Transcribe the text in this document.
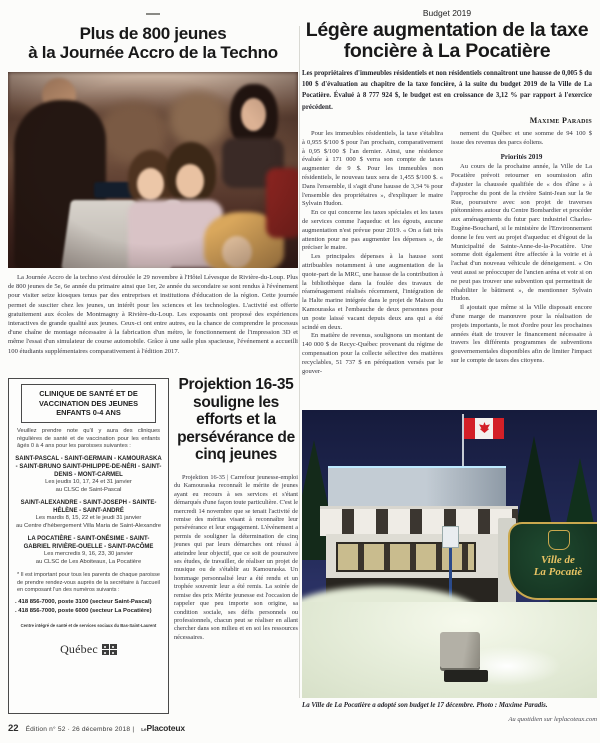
Plus de 800 jeunes
à la Journée Accro de la Techno

La Journée Accro de la techno s'est déroulée le 29 novembre à l'Hôtel Lévesque de Rivière-du-Loup. Plus de 800 jeunes de 5e, 6e année du primaire ainsi que 1er, 2e année du secondaire se sont rendus à l'événement pour visiter seize kiosques tenus par des entreprises et institutions d'éducation de la région. Cette journée permet de susciter chez les jeunes, un intérêt pour les sciences et les technologies. L'activité est offerte gratuitement aux écoles de Montmagny à Rivière-du-Loup. Les exposants ont proposé des expériences interactives de grande qualité aux jeunes. Ceux-ci ont entre autres, eu la chance de comprendre le processus d'une chaîne de montage nécessaire à la fabrication d'un métro, le fonctionnement de l'impression 3D et même l'essai d'un simulateur de course automobile. Grâce à une salle plus spacieuse, l'événement a accueilli 100 étudiants supplémentaires comparativement à l'édition 2017.

Budget 2019
Légère augmentation de la taxe foncière à La Pocatière
Les propriétaires d'immeubles résidentiels et non résidentiels connaîtront une hausse de 0,005 $ du 100 $ d'évaluation au chapitre de la taxe foncière, à la suite du budget 2019 de la Ville de La Pocatière. Évalué à 8 777 924 $, le budget est en croissance de 3,12 % par rapport à l'exercice précédent.
Maxime Paradis

Pour les immeubles résidentiels, la taxe s'établira à 0,955 $/100 $ pour l'an prochain, comparativement à 0,95 $/100 $ l'an dernier. Ainsi, une résidence évaluée à 171 000 $ verra son compte de taxes augmenter de 9 $. Pour les immeubles non résidentiels, le nouveau taux sera de 1,455 $/100 $. « Dans l'ensemble, il s'agit d'une hausse de 3,34 % pour l'ensemble des propriétaires », d'expliquer le maire Sylvain Hudon.

En ce qui concerne les taxes spéciales et les taxes de services comme l'aqueduc et les égouts, aucune augmentation n'est prévue pour 2019. « On a fait très attention pour ne pas augmenter les dépenses », de préciser le maire.

Les principales dépenses à la hausse sont attribuables notamment à une augmentation de la quote-part de la MRC, une hausse de la contribution à la bibliothèque dans la foulée des travaux de réaménagement réalisés récemment, l'intégration de la Halte marine intégrée dans le projet de Maison du Kamouraska et l'embauche de deux personnes pour un poste laissé vacant depuis deux ans qui a été scindé en deux.

En matière de revenus, soulignons un montant de 140 000 $ de Recyc-Québec provenant du régime de compensation pour la collecte sélective des matières recyclables, 51 737 $ en péréquation versés par le gouver-

nement du Québec et une somme de 94 100 $ issue des revenus des parcs éoliens.

Priorités 2019

Au cours de la prochaine année, la Ville de La Pocatière prévoit retourner en soumission afin d'ajuster la chaussée qualifiée de « dos d'âne » à l'approche du pont de la rivière Saint-Jean sur la 9e Rue, poursuivre avec son projet de traverses piétonnières autour du Centre Bombardier et procéder aux aménagements du futur parc industriel Charles-Eugène-Bouchard, si le ministère de l'Environnement donne le feu vert au projet d'aqueduc et d'égout de la Municipalité de Sainte-Anne-de-la-Pocatière. Une somme doit également être affectée à la voirie et à l'achat d'un nouveau véhicule de déneigement. « On veut aussi se préoccuper de l'ancien aréna et voir si on ne peut pas trouver une subvention qui permettrait de réhabiliter le bâtiment », de mentionner Sylvain Hudon.

Il ajoutait que même si la Ville disposait encore d'une marge de manœuvre pour la réalisation de projets importants, le mot d'ordre pour les prochaines années était de trouver le financement nécessaire à travers les différents programmes de subventions gouvernementales disponibles afin de limiter l'impact sur le compte de taxes des citoyens.

Ville de
La Pocatiè
La Ville de La Pocatière a adopté son budget le 17 décembre. Photo : Maxime Paradis.
Au quotidien sur leplacoteux.com
CLINIQUE DE SANTÉ ET DE VACCINATION DES JEUNES ENFANTS 0-4 ANS
Veuillez prendre note qu'il y aura des cliniques régulières de santé et de vaccination pour les enfants âgés 0 à 4 ans pour les paroisses suivantes :
SAINT-PASCAL - SAINT-GERMAIN - KAMOURASKA - SAINT-BRUNO SAINT-PHILIPPE-DE-NÉRI - SAINT-DENIS - MONT-CARMEL
Les jeudis 10, 17, 24 et 31 janvier
au CLSC de Saint-Pascal
SAINT-ALEXANDRE - SAINT-JOSEPH - SAINTE-HÉLÈNE - SAINT-ANDRÉ
Les mardis 8, 15, 22 et le jeudi 31 janvier
au Centre d'hébergement Villa Maria de Saint-Alexandre
LA POCATIÈRE - SAINT-ONÉSIME - SAINT-GABRIEL RIVIÈRE-OUELLE - SAINT-PACÔME
Les mercredis 9, 16, 23, 30 janvier
au CLSC de Les Aboiteaux, La Pocatière
* Il est important pour tous les parents de chaque paroisse de prendre rendez-vous auprès de la secrétaire à l'accueil en composant l'un des numéros suivants :
. 418 856-7000, poste 3100 (secteur Saint-Pascal)
. 418 856-7000, poste 6000 (secteur La Pocatière)
Centre intégré de santé et de services sociaux du Bas-Saint-Laurent
Québec
Projektion 16-35 souligne les efforts et la persévérance de cinq jeunes

Projektion 16-35 | Carrefour jeunesse-emploi du Kamouraska reconnaît le mérite de jeunes ayant eu recours à ses services et s'étant démarqués d'une façon toute particulière. C'est le mercredi 14 novembre que se tenait l'activité de remise des méritas visant à reconnaître leur persévérance et leur engagement. L'événement a permis de souligner la détermination de cinq jeunes qui par leurs démarches ont réussi à atteindre leur objectif, que ce soit de poursuivre ses études, de travailler, de réaliser un projet de musique ou de s'établir au Kamouraska. Un hommage personnalisé leur a été rendu et un trophée souvenir leur a été remis. La soirée de remise des prix Mérite jeunesse est l'occasion de rappeler que peu importe son origine, sa condition sociale, ses défis personnels ou professionnels, chacun peut se réaliser en allant chercher dans son milieu et en soi les ressources nécessaires.

22 Édition n° 52 · 26 décembre 2018 | LePlacoteux
